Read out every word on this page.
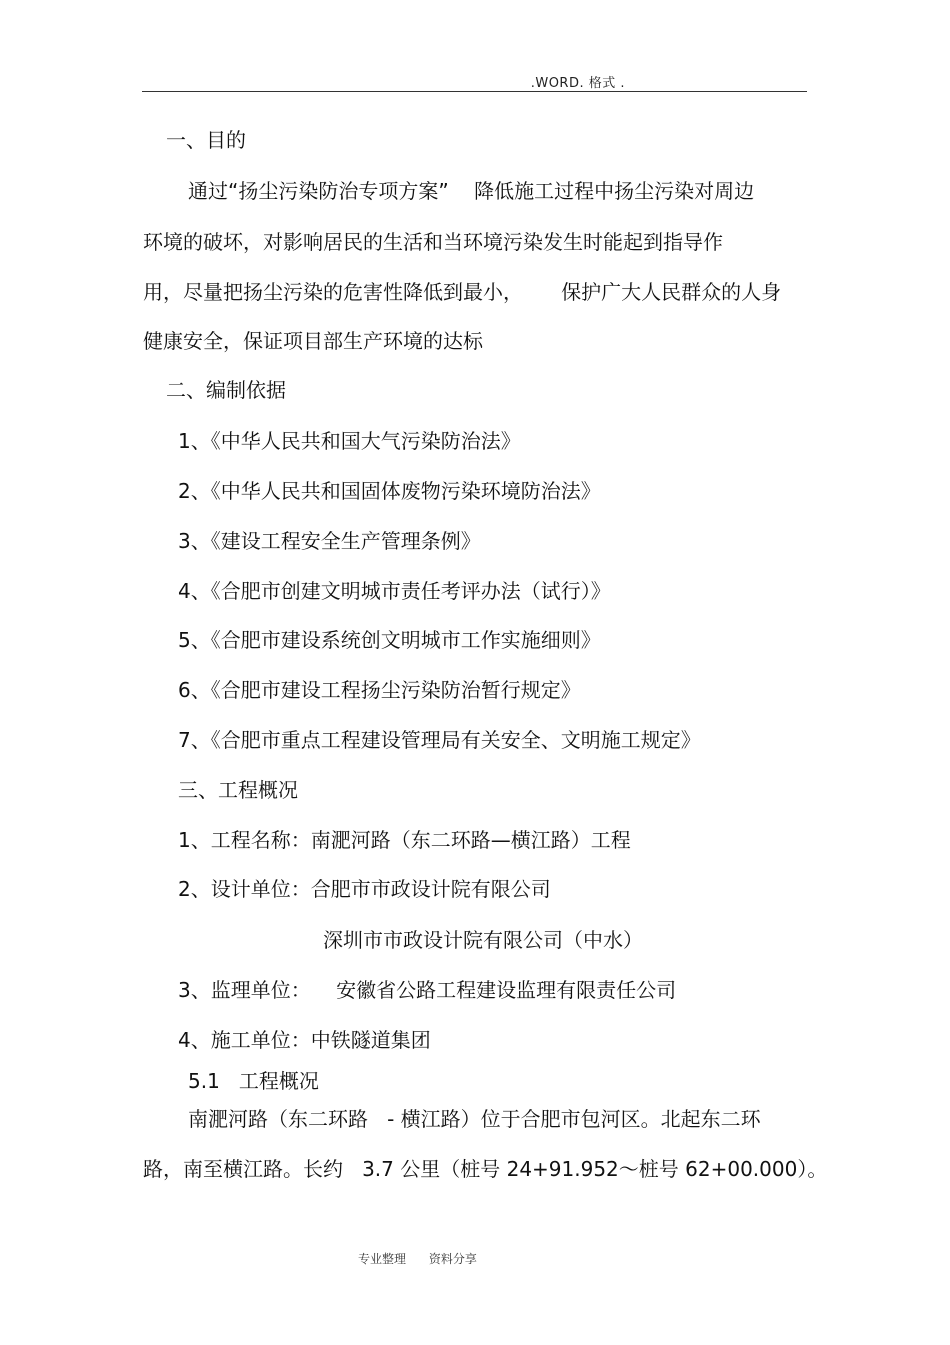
.WORD. 格式 .
一、目的
通过“扬尘污染防治专项方案”    降低施工过程中扬尘污染对周边
环境的破坏，对影响居民的生活和当环境污染发生时能起到指导作
用，尽量把扬尘污染的危害性降低到最小，      保护广大人民群众的人身
健康安全，保证项目部生产环境的达标
二、编制依据
1、《中华人民共和国大气污染防治法》
2、《中华人民共和国固体废物污染环境防治法》
3、《建设工程安全生产管理条例》
4、《合肥市创建文明城市责任考评办法（试行）》
5、《合肥市建设系统创文明城市工作实施细则》
6、《合肥市建设工程扬尘污染防治暂行规定》
7、《合肥市重点工程建设管理局有关安全、文明施工规定》
三、工程概况
1、工程名称：南淝河路（东二环路—横江路）工程
2、设计单位：合肥市市政设计院有限公司
深圳市市政设计院有限公司（中水）
3、监理单位：    安徽省公路工程建设监理有限责任公司
4、施工单位：中铁隧道集团
5.1   工程概况
南淝河路（东二环路   - 横江路）位于合肥市包河区。北起东二环
路，南至横江路。长约   3.7 公里（桩号 24+91.952～桩号 62+00.000）。
专业整理 资料分享
